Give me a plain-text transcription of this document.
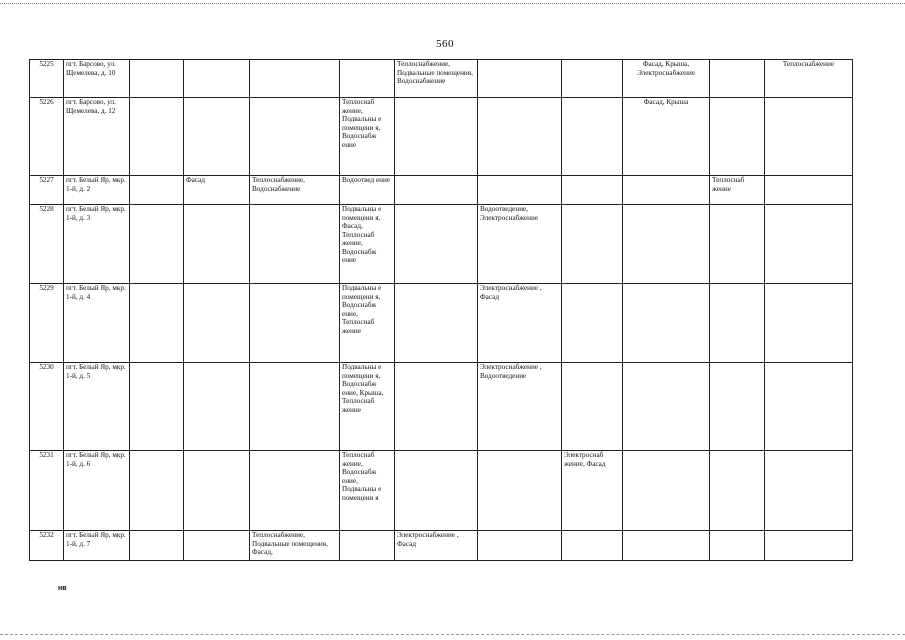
560
5225	пгт. Барсово, ул. Щемелева, д. 10					Теплоснабжение, Подвальные помещения, Водоснабжение			Фасад, Крыша, Электроснабжение		Теплоснабжение

5226	пгт. Барсово, ул. Щемелева, д. 12				Теплоснаб жение, Подвальны е помещени я, Водоснабж ение				Фасад, Крыша		

5227	пгт. Белый Яр, мкр. 1-й, д. 2		Фасад	Теплоснабжение, Водоснабжение	Водоотвед ение					Теплоснаб жение	

5228	пгт. Белый Яр, мкр. 1-й, д. 3				Подвальны е помещени я, Фасад, Теплоснаб жение, Водоснабж ение		Водоотведение, Электроснабжение				

5229	пгт. Белый Яр, мкр. 1-й, д. 4				Подвальны е помещени я, Водоснабж ение, Теплоснаб жение		Электроснабжение , Фасад				

5230	пгт. Белый Яр, мкр. 1-й, д. 5				Подвальны е помещени я, Водоснабж ение, Крыша, Теплоснаб жение		Электроснабжение , Водоотведение				

5231	пгт. Белый Яр, мкр. 1-й, д. 6				Теплоснаб жение, Водоснабж ение, Подвальны е помещени я			Электроснаб жение, Фасад			

5232	пгт. Белый Яр, мкр. 1-й, д. 7			Теплоснабжение, Подвальные помещения, Фасад,		Электроснабжение , Фасад					

нв
